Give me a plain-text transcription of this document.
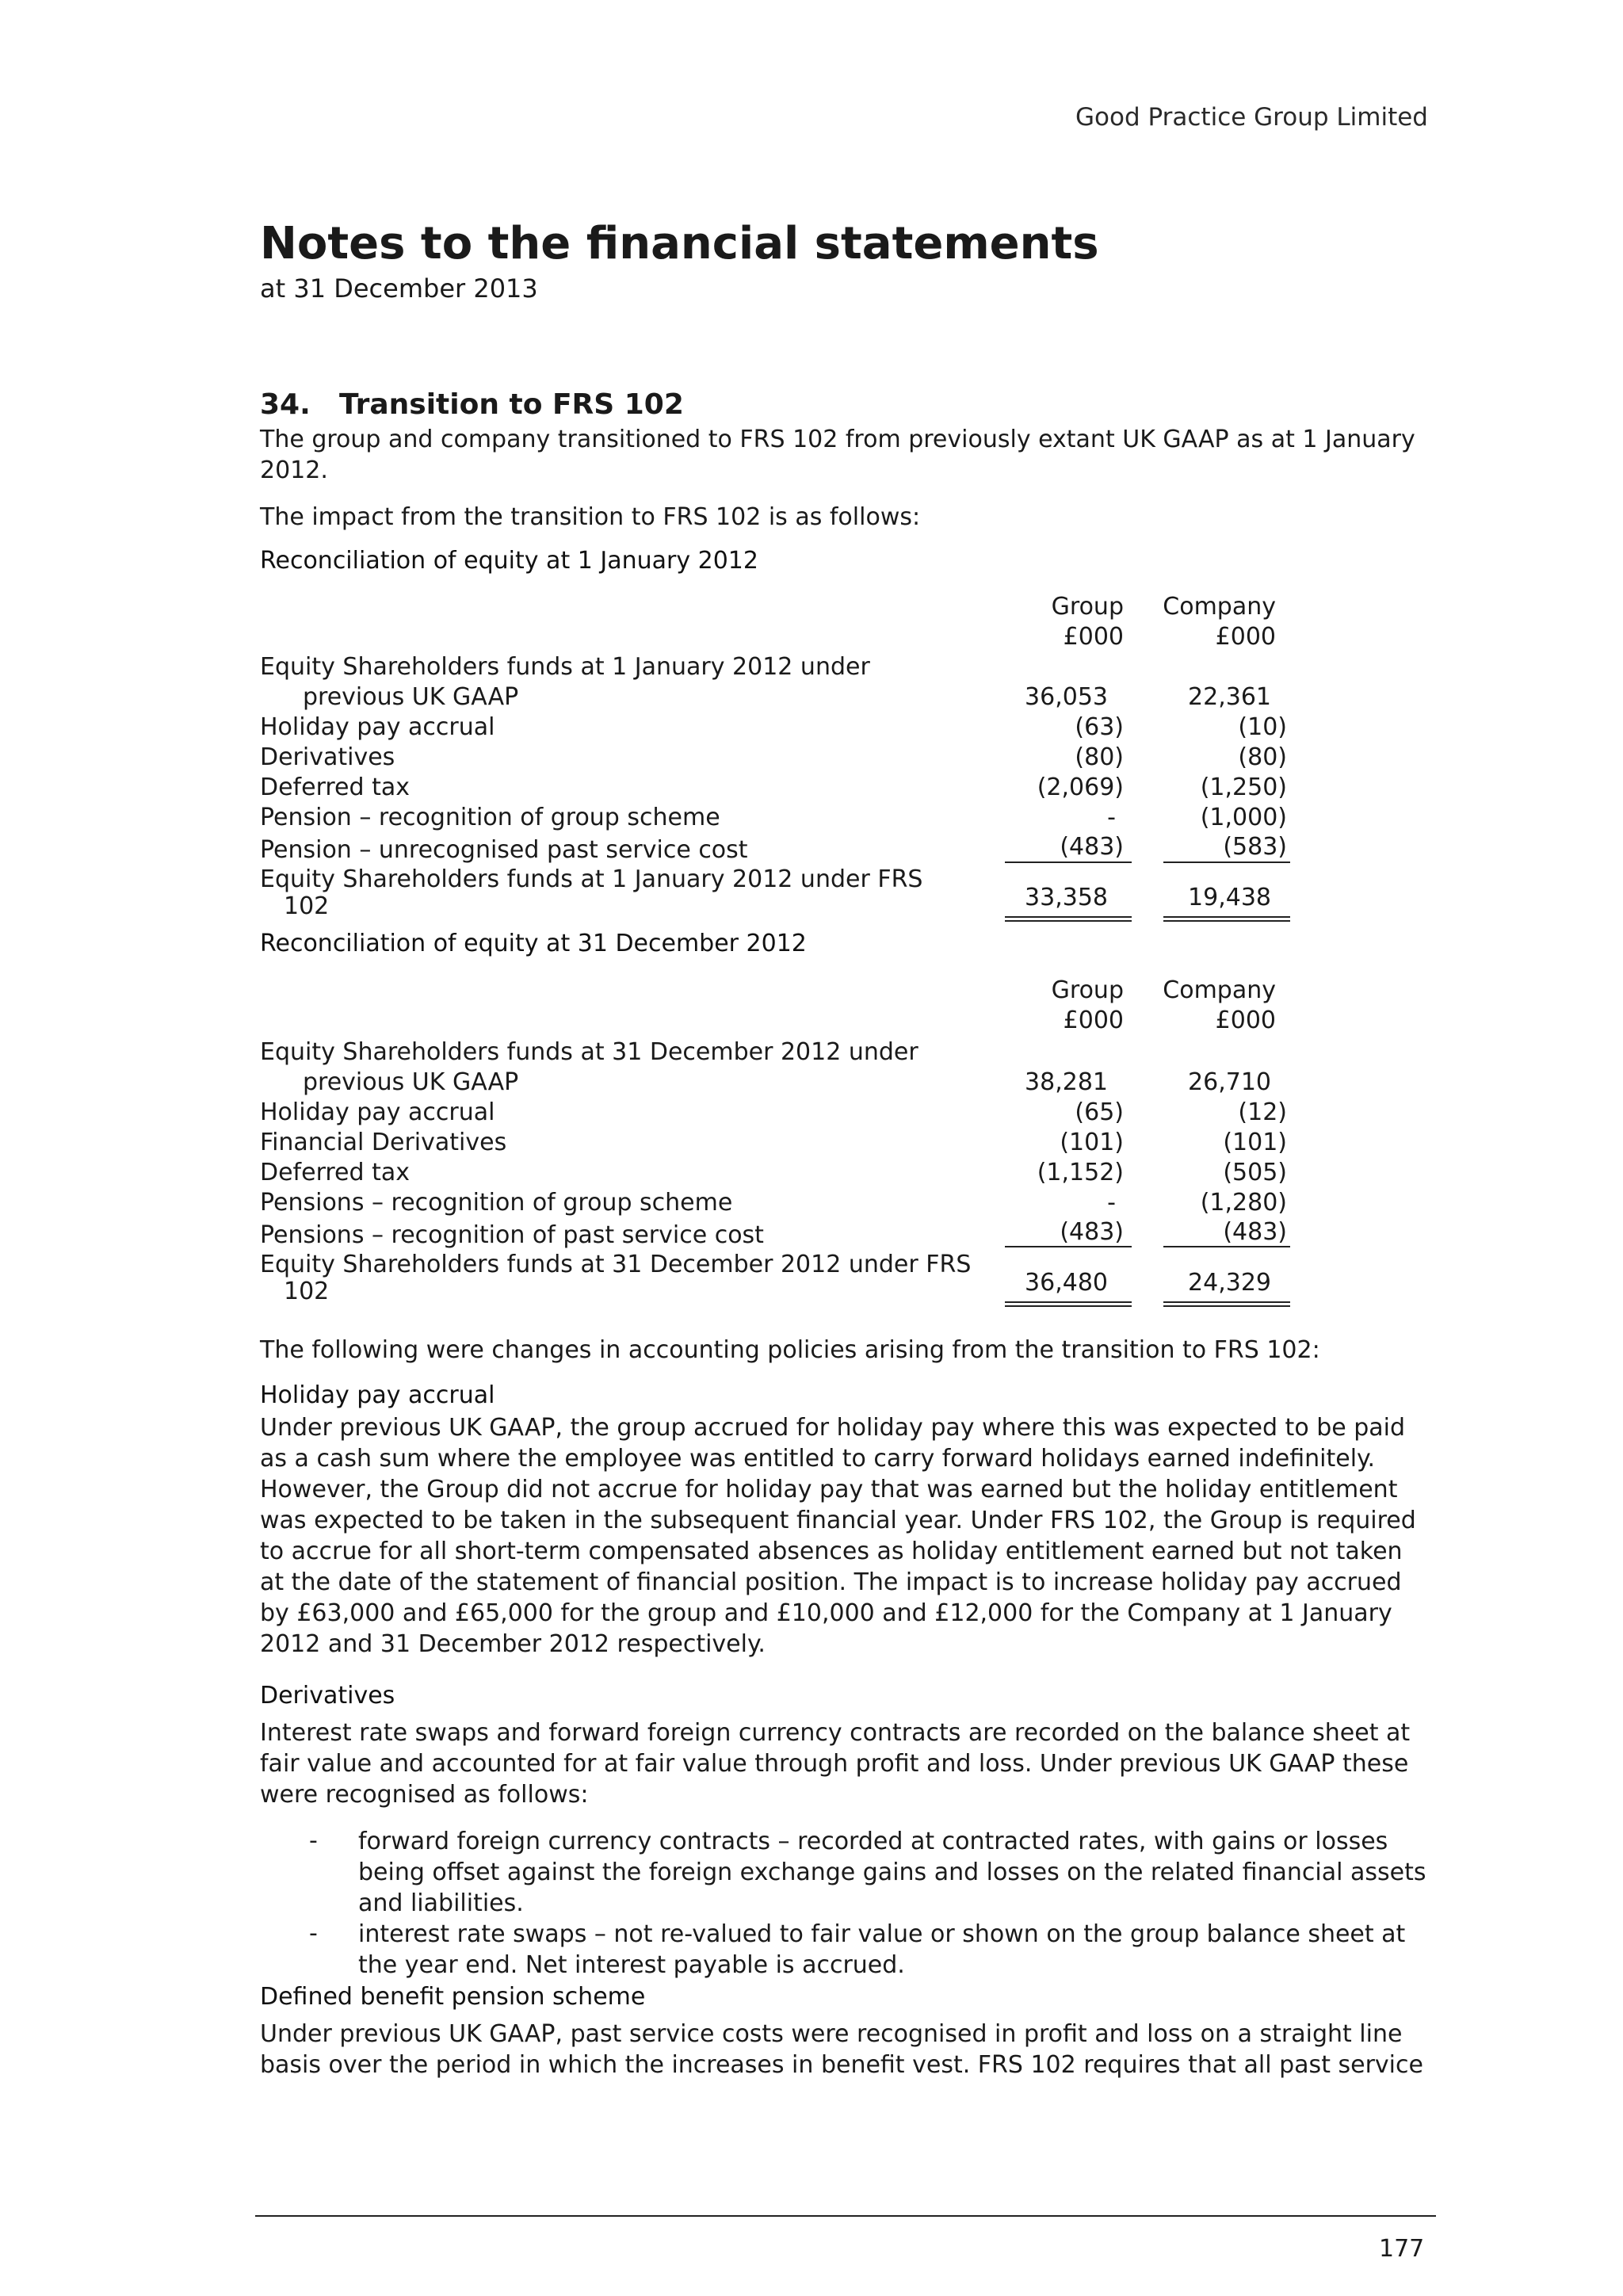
Good Practice Group Limited
Notes to the financial statements
at 31 December 2013
34. Transition to FRS 102

The group and company transitioned to FRS 102 from previously extant UK GAAP as at 1 January 2012.

The impact from the transition to FRS 102 is as follows:

Reconciliation of equity at 1 January 2012
Group Company
£000	£000
Equity Shareholders funds at 1 January 2012 under
previous UK GAAP	36,053	22,361
Holiday pay accrual	(63)	(10)
Derivatives	(80)	(80)
Deferred tax	(2,069)	(1,250)
Pension – recognition of group scheme	-	(1,000)
Pension – unrecognised past service cost	(483)	(583)
Equity Shareholders funds at 1 January 2012 under FRS
102	33,358	19,438
Reconciliation of equity at 31 December 2012
Group Company
£000	£000
Equity Shareholders funds at 31 December 2012 under
previous UK GAAP	38,281	26,710
Holiday pay accrual	(65)	(12)
Financial Derivatives	(101)	(101)
Deferred tax	(1,152)	(505)
Pensions – recognition of group scheme	-	(1,280)
Pensions – recognition of past service cost	(483)	(483)
Equity Shareholders funds at 31 December 2012 under FRS
102	36,480	24,329

The following were changes in accounting policies arising from the transition to FRS 102:

Holiday pay accrual

Under previous UK GAAP, the group accrued for holiday pay where this was expected to be paid as a cash sum where the employee was entitled to carry forward holidays earned indefinitely. However, the Group did not accrue for holiday pay that was earned but the holiday entitlement was expected to be taken in the subsequent financial year. Under FRS 102, the Group is required to accrue for all short-term compensated absences as holiday entitlement earned but not taken at the date of the statement of financial position. The impact is to increase holiday pay accrued by £63,000 and £65,000 for the group and £10,000 and £12,000 for the Company at 1 January 2012 and 31 December 2012 respectively.

Derivatives

Interest rate swaps and forward foreign currency contracts are recorded on the balance sheet at fair value and accounted for at fair value through profit and loss. Under previous UK GAAP these were recognised as follows:

- forward foreign currency contracts – recorded at contracted rates, with gains or losses being offset against the foreign exchange gains and losses on the related financial assets and liabilities.

- interest rate swaps – not re-valued to fair value or shown on the group balance sheet at the year end. Net interest payable is accrued.

Defined benefit pension scheme

Under previous UK GAAP, past service costs were recognised in profit and loss on a straight line basis over the period in which the increases in benefit vest. FRS 102 requires that all past service

177
